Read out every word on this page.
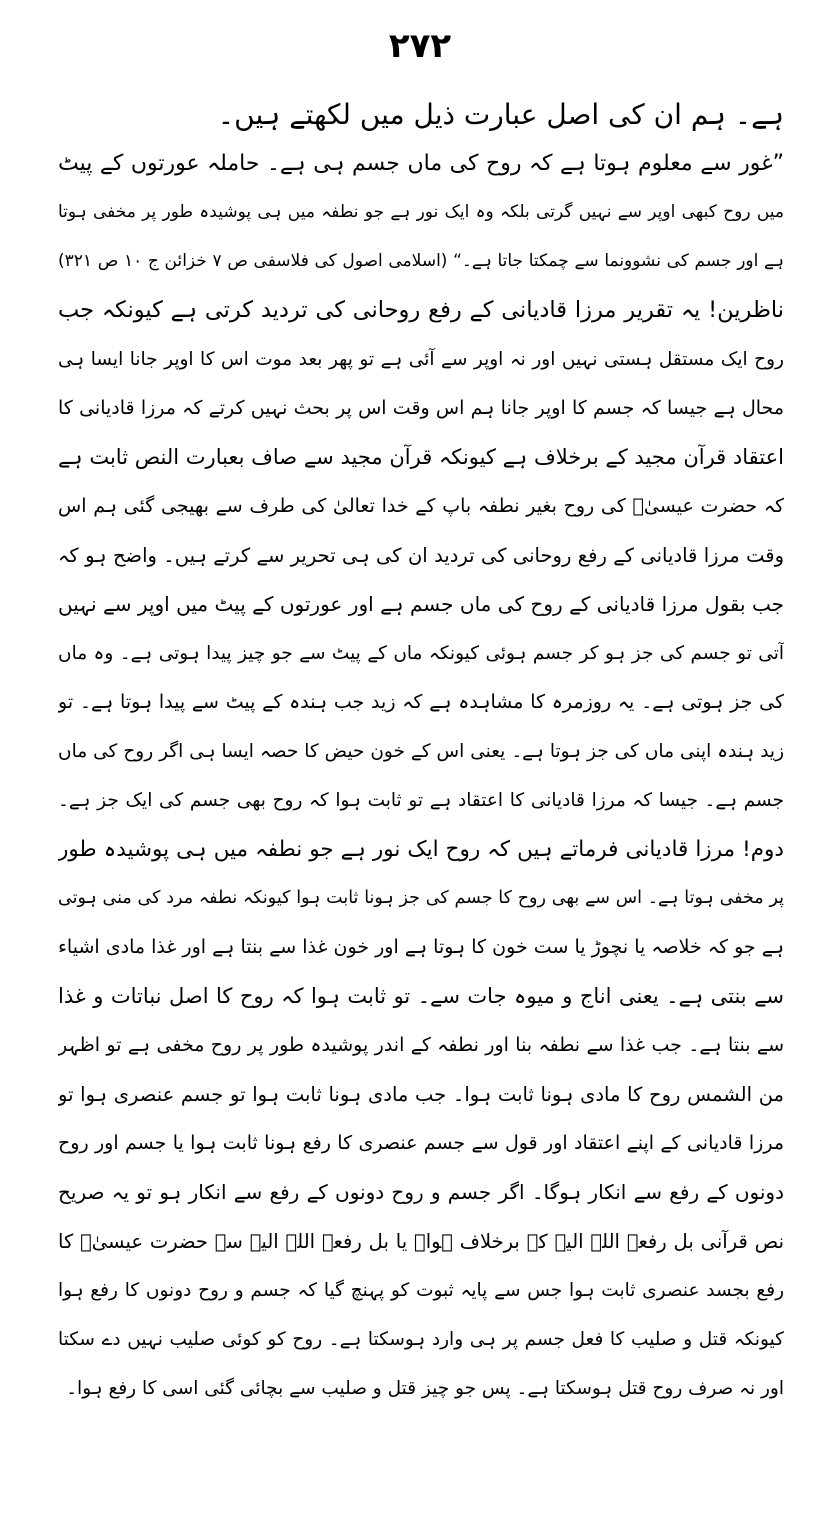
۲۷۲
ہے۔ ہم ان کی اصل عبارت ذیل میں لکھتے ہیں۔
”غور سے معلوم ہوتا ہے کہ روح کی ماں جسم ہی ہے۔ حاملہ عورتوں کے پیٹ
میں روح کبھی اوپر سے نہیں گرتی بلکہ وہ ایک نور ہے جو نطفہ میں ہی پوشیدہ طور پر مخفی ہوتا
ہے اور جسم کی نشوونما سے چمکتا جاتا ہے۔“ (اسلامی اصول کی فلاسفی ص ۷ خزائن ج ۱۰ ص ۳۲۱)
ناظرین! یہ تقریر مرزا قادیانی کے رفع روحانی کی تردید کرتی ہے کیونکہ جب
روح ایک مستقل ہستی نہیں اور نہ اوپر سے آئی ہے تو پھر بعد موت اس کا اوپر جانا ایسا ہی
محال ہے جیسا کہ جسم کا اوپر جانا ہم اس وقت اس پر بحث نہیں کرتے کہ مرزا قادیانی کا
اعتقاد قرآن مجید کے برخلاف ہے کیونکہ قرآن مجید سے صاف بعبارت النص ثابت ہے
کہ حضرت عیسیٰؑ کی روح بغیر نطفہ باپ کے خدا تعالیٰ کی طرف سے بھیجی گئی ہم اس
وقت مرزا قادیانی کے رفع روحانی کی تردید ان کی ہی تحریر سے کرتے ہیں۔ واضح ہو کہ
جب بقول مرزا قادیانی کے روح کی ماں جسم ہے اور عورتوں کے پیٹ میں اوپر سے نہیں
آتی تو جسم کی جز ہو کر جسم ہوئی کیونکہ ماں کے پیٹ سے جو چیز پیدا ہوتی ہے۔ وہ ماں
کی جز ہوتی ہے۔ یہ روزمرہ کا مشاہدہ ہے کہ زید جب ہندہ کے پیٹ سے پیدا ہوتا ہے۔ تو
زید ہندہ اپنی ماں کی جز ہوتا ہے۔ یعنی اس کے خون حیض کا حصہ ایسا ہی اگر روح کی ماں
جسم ہے۔ جیسا کہ مرزا قادیانی کا اعتقاد ہے تو ثابت ہوا کہ روح بھی جسم کی ایک جز ہے۔
دوم! مرزا قادیانی فرماتے ہیں کہ روح ایک نور ہے جو نطفہ میں ہی پوشیدہ طور
پر مخفی ہوتا ہے۔ اس سے بھی روح کا جسم کی جز ہونا ثابت ہوا کیونکہ نطفہ مرد کی منی ہوتی
ہے جو کہ خلاصہ یا نچوڑ یا ست خون کا ہوتا ہے اور خون غذا سے بنتا ہے اور غذا مادی اشیاء
سے بنتی ہے۔ یعنی اناج و میوہ جات سے۔ تو ثابت ہوا کہ روح کا اصل نباتات و غذا
سے بنتا ہے۔ جب غذا سے نطفہ بنا اور نطفہ کے اندر پوشیدہ طور پر روح مخفی ہے تو اظہر
من الشمس روح کا مادی ہونا ثابت ہوا۔ جب مادی ہونا ثابت ہوا تو جسم عنصری ہوا تو
مرزا قادیانی کے اپنے اعتقاد اور قول سے جسم عنصری کا رفع ہونا ثابت ہوا یا جسم اور روح
دونوں کے رفع سے انکار ہوگا۔ اگر جسم و روح دونوں کے رفع سے انکار ہو تو یہ صریح
نص قرآنی بل رفعہ اللہ الیہ کے برخلاف ہوا۔ یا بل رفعہ اللہ الیہ سے حضرت عیسیٰؑ کا
رفع بجسد عنصری ثابت ہوا جس سے پایہ ثبوت کو پہنچ گیا کہ جسم و روح دونوں کا رفع ہوا
کیونکہ قتل و صلیب کا فعل جسم پر ہی وارد ہوسکتا ہے۔ روح کو کوئی صلیب نہیں دے سکتا
اور نہ صرف روح قتل ہوسکتا ہے۔ پس جو چیز قتل و صلیب سے بچائی گئی اسی کا رفع ہوا۔
